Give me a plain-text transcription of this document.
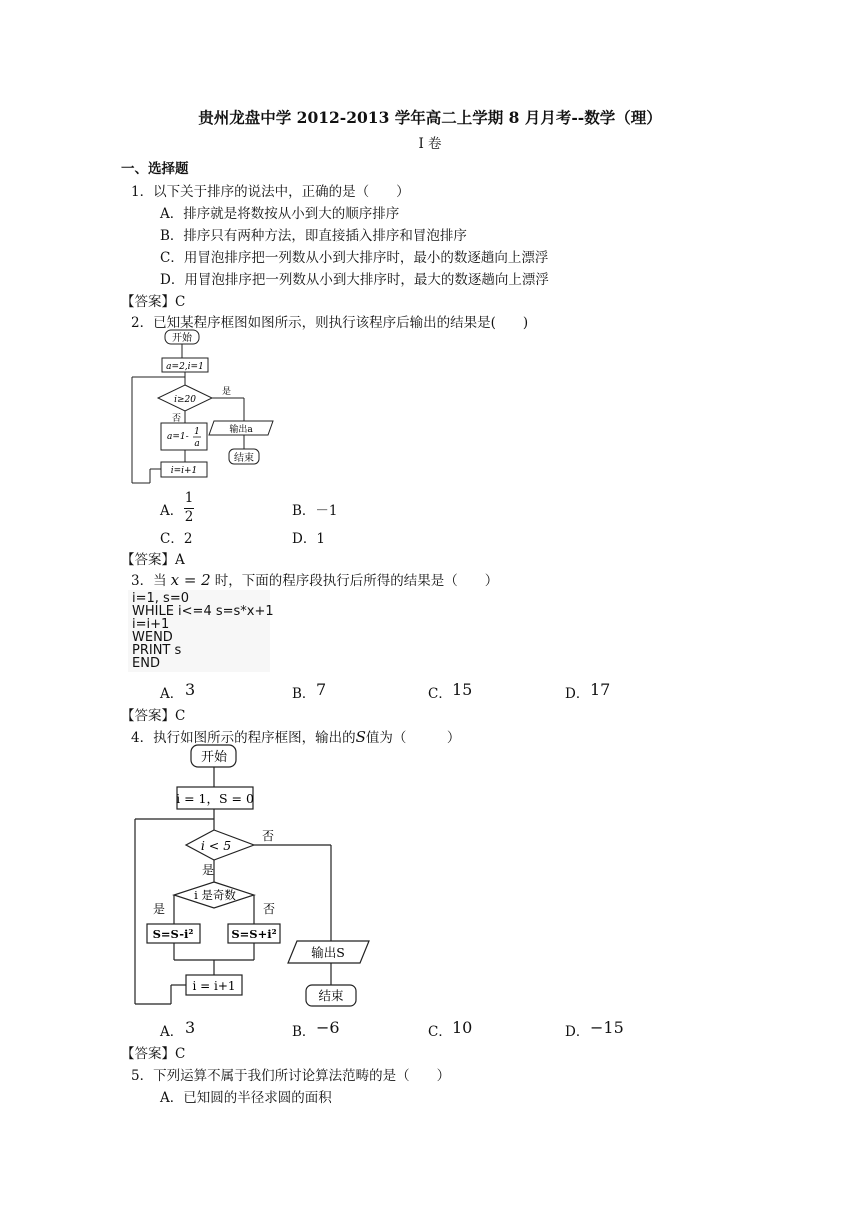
贵州龙盘中学 2012-2013 学年高二上学期 8 月月考--数学（理）
I 卷
一、选择题
1．以下关于排序的说法中，正确的是（　　）
A．排序就是将数按从小到大的顺序排序
B．排序只有两种方法，即直接插入排序和冒泡排序
C．用冒泡排序把一列数从小到大排序时，最小的数逐趟向上漂浮
D．用冒泡排序把一列数从小到大排序时，最大的数逐趟向上漂浮
【答案】C
2．已知某程序框图如图所示，则执行该程序后输出的结果是(　　)
开始
a=2,i=1
i≥20
是
否
输出a
结束
a=1- 1
a
i=i+1
A．
1
2	B．－1
C．2	D．1
【答案】A
3．当 x = 2 时，下面的程序段执行后所得的结果是（　　）
i=1, s=0
WHILE i<=4 s=s*x+1
i=i+1
WEND
PRINT s
END
A． 3	B． 7	C． 15	D． 17
【答案】C
4．执行如图所示的程序框图，输出的S值为（　　　）
开始
i = 1，S = 0
i < 5
否
是
i 是奇数
是	否
S=S-i²	S=S+i²
i = i+1
输出S
结束
A． 3	B． −6	C． 10	D． −15
【答案】C
5．下列运算不属于我们所讨论算法范畴的是（　　）
A．已知圆的半径求圆的面积
